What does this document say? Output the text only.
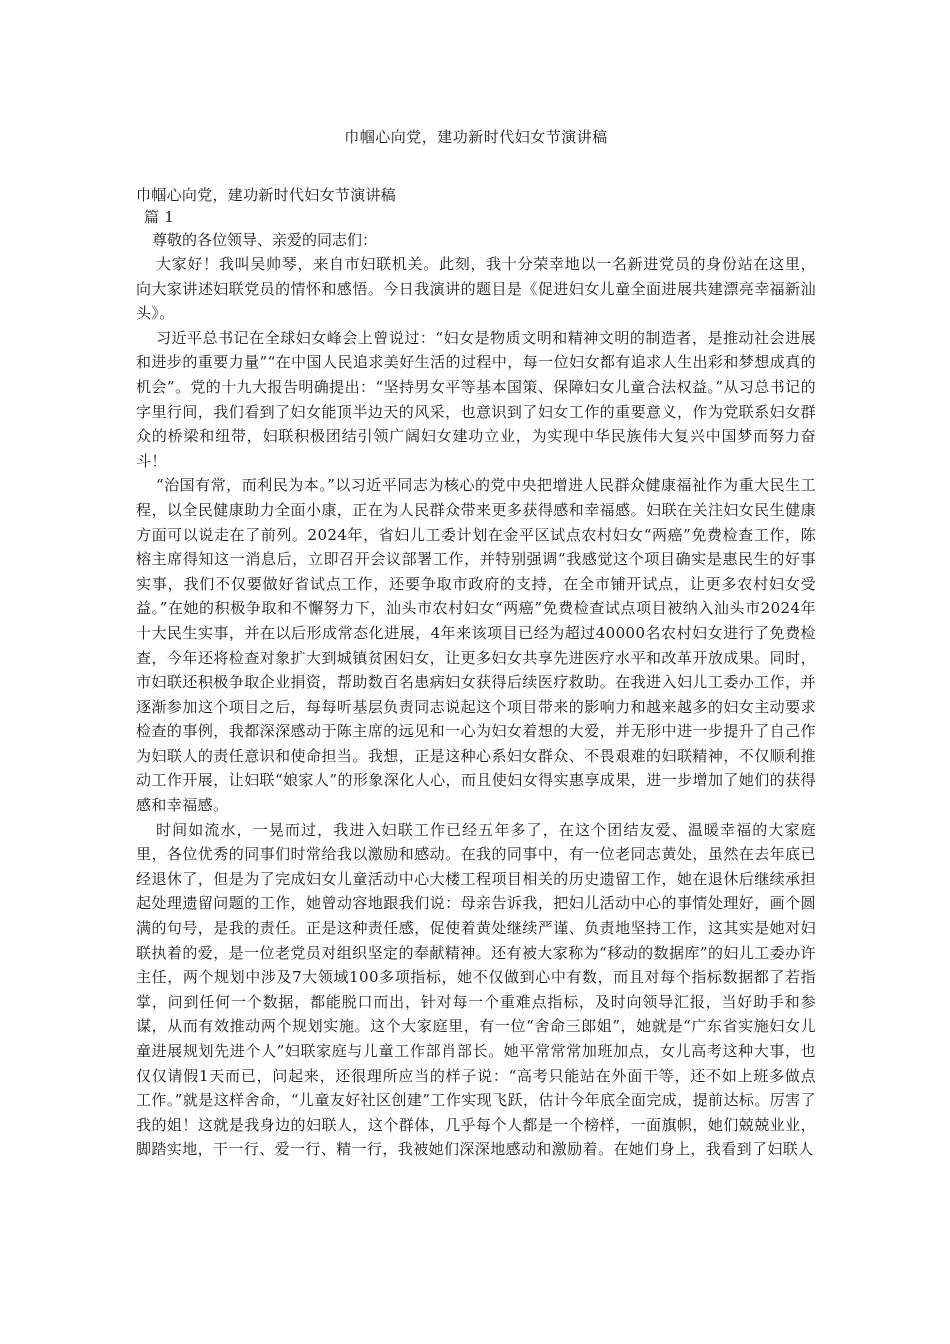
巾帼心向党，建功新时代妇女节演讲稿

巾帼心向党，建功新时代妇女节演讲稿

篇 1

尊敬的各位领导、亲爱的同志们：

大家好！我叫吴帅琴，来自市妇联机关。此刻，我十分荣幸地以一名新进党员的身份站在这里，向大家讲述妇联党员的情怀和感悟。今日我演讲的题目是《促进妇女儿童全面进展共建漂亮幸福新汕头》。

习近平总书记在全球妇女峰会上曾说过：“妇女是物质文明和精神文明的制造者，是推动社会进展和进步的重要力量”“在中国人民追求美好生活的过程中，每一位妇女都有追求人生出彩和梦想成真的机会”。党的十九大报告明确提出：“坚持男女平等基本国策、保障妇女儿童合法权益。”从习总书记的字里行间，我们看到了妇女能顶半边天的风采，也意识到了妇女工作的重要意义，作为党联系妇女群众的桥梁和纽带，妇联积极团结引领广阔妇女建功立业，为实现中华民族伟大复兴中国梦而努力奋斗！

“治国有常，而利民为本。”以习近平同志为核心的党中央把增进人民群众健康福祉作为重大民生工程，以全民健康助力全面小康，正在为人民群众带来更多获得感和幸福感。妇联在关注妇女民生健康方面可以说走在了前列。2024年，省妇儿工委计划在金平区试点农村妇女“两癌”免费检查工作，陈榕主席得知这一消息后，立即召开会议部署工作，并特别强调“我感觉这个项目确实是惠民生的好事实事，我们不仅要做好省试点工作，还要争取市政府的支持，在全市铺开试点，让更多农村妇女受益。”在她的积极争取和不懈努力下，汕头市农村妇女“两癌”免费检查试点项目被纳入汕头市2024年十大民生实事，并在以后形成常态化进展，4年来该项目已经为超过40000名农村妇女进行了免费检查，今年还将检查对象扩大到城镇贫困妇女，让更多妇女共享先进医疗水平和改革开放成果。同时，市妇联还积极争取企业捐资，帮助数百名患病妇女获得后续医疗救助。在我进入妇儿工委办工作，并逐渐参加这个项目之后，每每听基层负责同志说起这个项目带来的影响力和越来越多的妇女主动要求检查的事例，我都深深感动于陈主席的远见和一心为妇女着想的大爱，并无形中进一步提升了自己作为妇联人的责任意识和使命担当。我想，正是这种心系妇女群众、不畏艰难的妇联精神，不仅顺利推动工作开展，让妇联“娘家人”的形象深化人心，而且使妇女得实惠享成果，进一步增加了她们的获得感和幸福感。

时间如流水，一晃而过，我进入妇联工作已经五年多了，在这个团结友爱、温暖幸福的大家庭里，各位优秀的同事们时常给我以激励和感动。在我的同事中，有一位老同志黄处，虽然在去年底已经退休了，但是为了完成妇女儿童活动中心大楼工程项目相关的历史遗留工作，她在退休后继续承担起处理遗留问题的工作，她曾动容地跟我们说：母亲告诉我，把妇儿活动中心的事情处理好，画个圆满的句号，是我的责任。正是这种责任感，促使着黄处继续严谨、负责地坚持工作，这其实是她对妇联执着的爱，是一位老党员对组织坚定的奉献精神。还有被大家称为“移动的数据库”的妇儿工委办许主任，两个规划中涉及7大领域100多项指标，她不仅做到心中有数，而且对每个指标数据都了若指掌，问到任何一个数据，都能脱口而出，针对每一个重难点指标，及时向领导汇报，当好助手和参谋，从而有效推动两个规划实施。这个大家庭里，有一位“舍命三郎姐”，她就是“广东省实施妇女儿童进展规划先进个人”妇联家庭与儿童工作部肖部长。她平常常常加班加点，女儿高考这种大事，也仅仅请假1天而已，问起来，还很理所应当的样子说：“高考只能站在外面干等，还不如上班多做点工作。”就是这样舍命，“儿童友好社区创建”工作实现飞跃，估计今年底全面完成，提前达标。厉害了我的姐！这就是我身边的妇联人，这个群体，几乎每个人都是一个榜样，一面旗帜，她们兢兢业业，脚踏实地，干一行、爱一行、精一行，我被她们深深地感动和激励着。在她们身上，我看到了妇联人
